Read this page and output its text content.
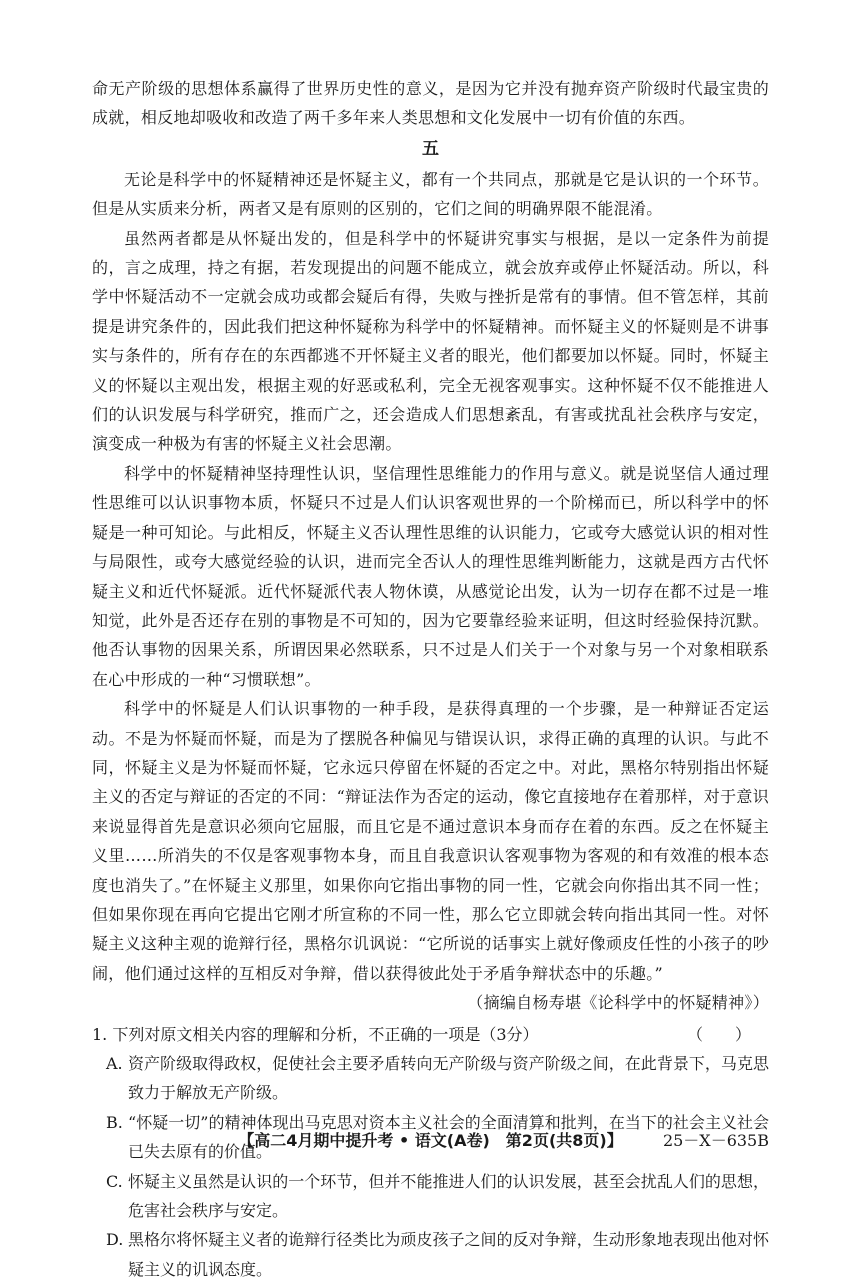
命无产阶级的思想体系赢得了世界历史性的意义，是因为它并没有抛弃资产阶级时代最宝贵的成就，相反地却吸收和改造了两千多年来人类思想和文化发展中一切有价值的东西。

五

无论是科学中的怀疑精神还是怀疑主义，都有一个共同点，那就是它是认识的一个环节。但是从实质来分析，两者又是有原则的区别的，它们之间的明确界限不能混淆。

虽然两者都是从怀疑出发的，但是科学中的怀疑讲究事实与根据，是以一定条件为前提的，言之成理，持之有据，若发现提出的问题不能成立，就会放弃或停止怀疑活动。所以，科学中怀疑活动不一定就会成功或都会疑后有得，失败与挫折是常有的事情。但不管怎样，其前提是讲究条件的，因此我们把这种怀疑称为科学中的怀疑精神。而怀疑主义的怀疑则是不讲事实与条件的，所有存在的东西都逃不开怀疑主义者的眼光，他们都要加以怀疑。同时，怀疑主义的怀疑以主观出发，根据主观的好恶或私利，完全无视客观事实。这种怀疑不仅不能推进人们的认识发展与科学研究，推而广之，还会造成人们思想紊乱，有害或扰乱社会秩序与安定，演变成一种极为有害的怀疑主义社会思潮。

科学中的怀疑精神坚持理性认识，坚信理性思维能力的作用与意义。就是说坚信人通过理性思维可以认识事物本质，怀疑只不过是人们认识客观世界的一个阶梯而已，所以科学中的怀疑是一种可知论。与此相反，怀疑主义否认理性思维的认识能力，它或夸大感觉认识的相对性与局限性，或夸大感觉经验的认识，进而完全否认人的理性思维判断能力，这就是西方古代怀疑主义和近代怀疑派。近代怀疑派代表人物休谟，从感觉论出发，认为一切存在都不过是一堆知觉，此外是否还存在别的事物是不可知的，因为它要靠经验来证明，但这时经验保持沉默。他否认事物的因果关系，所谓因果必然联系，只不过是人们关于一个对象与另一个对象相联系在心中形成的一种“习惯联想”。

科学中的怀疑是人们认识事物的一种手段，是获得真理的一个步骤，是一种辩证否定运动。不是为怀疑而怀疑，而是为了摆脱各种偏见与错误认识，求得正确的真理的认识。与此不同，怀疑主义是为怀疑而怀疑，它永远只停留在怀疑的否定之中。对此，黑格尔特别指出怀疑主义的否定与辩证的否定的不同：“辩证法作为否定的运动，像它直接地存在着那样，对于意识来说显得首先是意识必须向它屈服，而且它是不通过意识本身而存在着的东西。反之在怀疑主义里……所消失的不仅是客观事物本身，而且自我意识认客观事物为客观的和有效准的根本态度也消失了。”在怀疑主义那里，如果你向它指出事物的同一性，它就会向你指出其不同一性；但如果你现在再向它提出它刚才所宣称的不同一性，那么它立即就会转向指出其同一性。对怀疑主义这种主观的诡辩行径，黑格尔讥讽说：“它所说的话事实上就好像顽皮任性的小孩子的吵闹，他们通过这样的互相反对争辩，借以获得彼此处于矛盾争辩状态中的乐趣。”

（摘编自杨寿堪《论科学中的怀疑精神》）

1. 下列对原文相关内容的理解和分析，不正确的一项是（3分）	（　　）
A. 资产阶级取得政权，促使社会主要矛盾转向无产阶级与资产阶级之间，在此背景下，马克思致力于解放无产阶级。
B. “怀疑一切”的精神体现出马克思对资本主义社会的全面清算和批判，在当下的社会主义社会已失去原有的价值。
C. 怀疑主义虽然是认识的一个环节，但并不能推进人们的认识发展，甚至会扰乱人们的思想，危害社会秩序与安定。
D. 黑格尔将怀疑主义者的诡辩行径类比为顽皮孩子之间的反对争辩，生动形象地表现出他对怀疑主义的讥讽态度。
【高二4月期中提升考 • 语文(A卷)　第2页(共8页)】	25－X－635B
